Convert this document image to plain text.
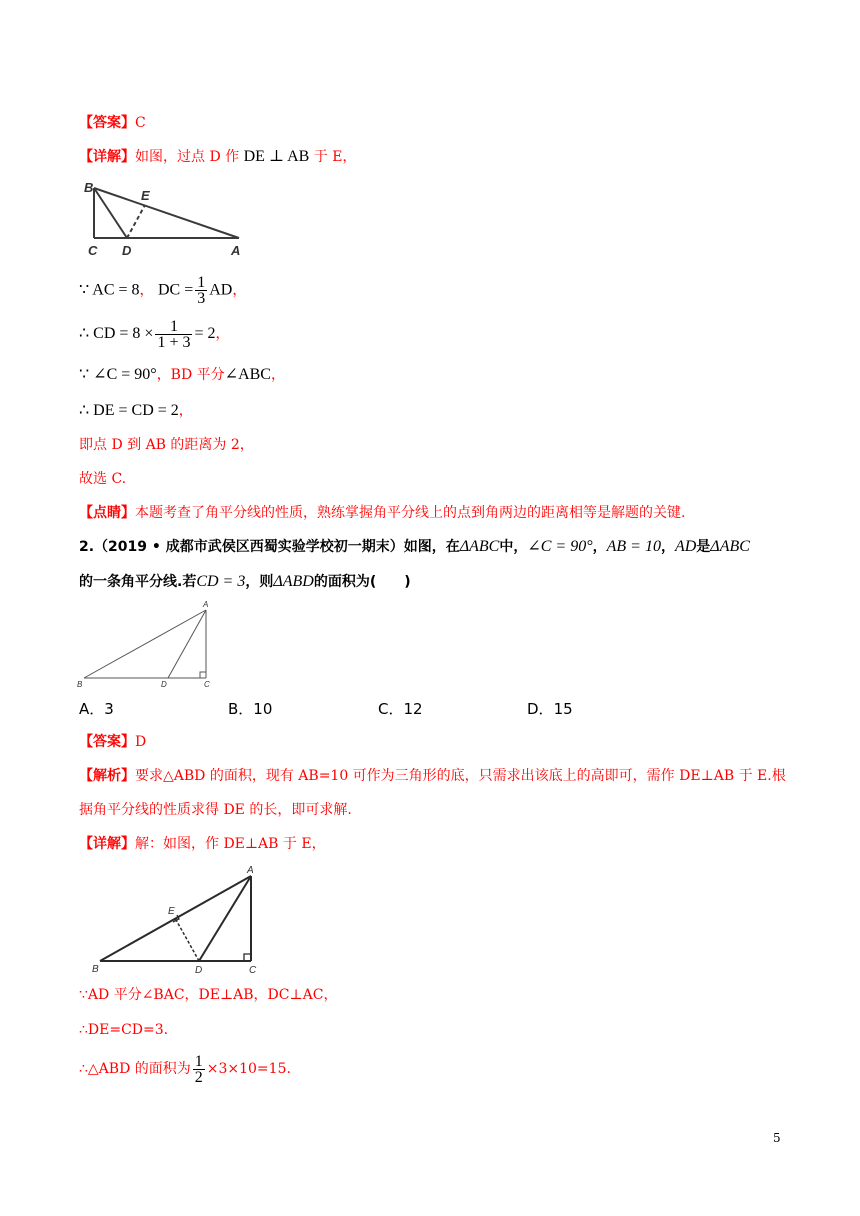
【答案】C
【详解】如图，过点 D 作 DE ⊥ AB 于 E，
B
E
C D	A
∵ AC = 8， DC = $\frac{1}{3}$ AD，
∴ CD = $8 \times \frac{1}{1 + 3} = 2$，
∵ ∠C = 90°，BD 平分∠ABC，
∴ DE = CD = 2，
即点 D 到 AB 的距离为 2，
故选 C.
【点睛】本题考查了角平分线的性质，熟练掌握角平分线上的点到角两边的距离相等是解题的关键.
2.（2019 • 成都市武侯区西蜀实验学校初一期末）如图，在ΔABC中，∠C = 90°，AB = 10，AD是ΔABC
的一条角平分线.若CD = 3，则ΔABD的面积为(　　)
A
B	D	C
A．3	B．10	C．12	D．15
【答案】D
【解析】要求△ABD 的面积，现有 AB=10 可作为三角形的底，只需求出该底上的高即可，需作 DE⊥AB 于 E.根
据角平分线的性质求得 DE 的长，即可求解.
【详解】解：如图，作 DE⊥AB 于 E，
A
E
B	D	C
∵AD 平分∠BAC，DE⊥AB，DC⊥AC，
∴DE=CD=3.
∴△ABD 的面积为 $\frac{1}{2} \times 3\times 10=15$.
5
